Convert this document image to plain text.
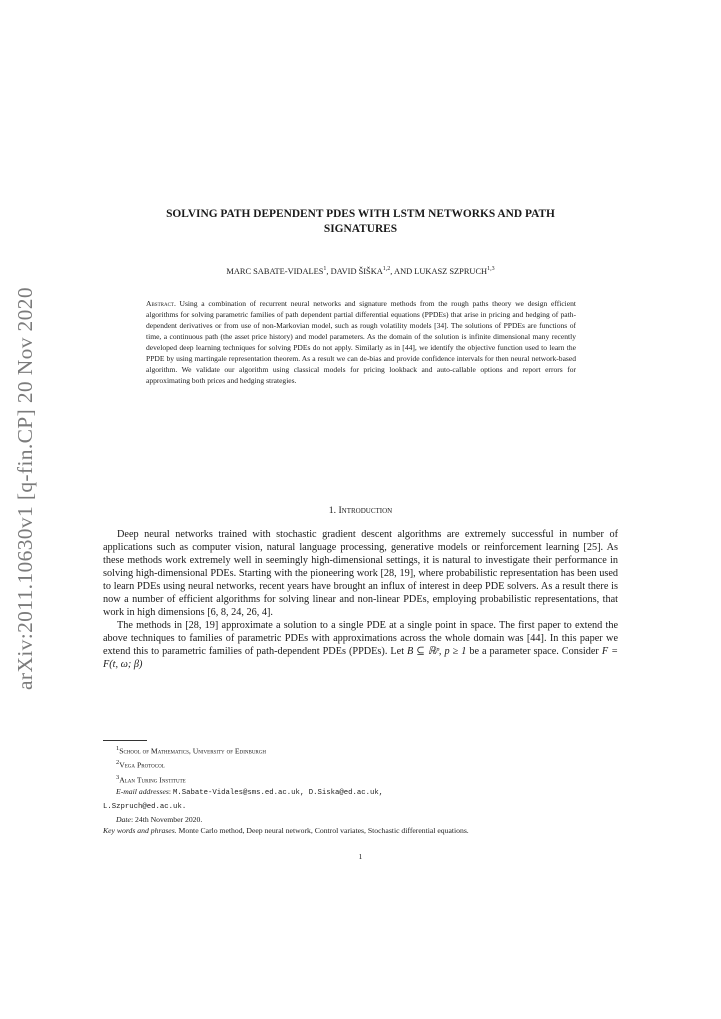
arXiv:2011.10630v1 [q-fin.CP] 20 Nov 2020
SOLVING PATH DEPENDENT PDES WITH LSTM NETWORKS AND PATH
SIGNATURES
MARC SABATE-VIDALES$^1$, DAVID ŠIŠKA$^{1,2}$, AND LUKASZ SZPRUCH$^{1,3}$
Abstract. Using a combination of recurrent neural networks and signature methods from the rough paths theory we design efficient algorithms for solving parametric families of path dependent partial differential equations (PPDEs) that arise in pricing and hedging of path-dependent derivatives or from use of non-Markovian model, such as rough volatility models [34]. The solutions of PPDEs are functions of time, a continuous path (the asset price history) and model parameters. As the domain of the solution is infinite dimensional many recently developed deep learning techniques for solving PDEs do not apply. Similarly as in [44], we identify the objective function used to learn the PPDE by using martingale representation theorem. As a result we can de-bias and provide confidence intervals for then neural network-based algorithm. We validate our algorithm using classical models for pricing lookback and auto-callable options and report errors for approximating both prices and hedging strategies.
1. Introduction

Deep neural networks trained with stochastic gradient descent algorithms are extremely successful in number of applications such as computer vision, natural language processing, generative models or reinforcement learning [25]. As these methods work extremely well in seemingly high-dimensional settings, it is natural to investigate their performance in solving high-dimensional PDEs. Starting with the pioneering work [28, 19], where probabilistic representation has been used to learn PDEs using neural networks, recent years have brought an influx of interest in deep PDE solvers. As a result there is now a number of efficient algorithms for solving linear and non-linear PDEs, employing probabilistic representations, that work in high dimensions [6, 8, 24, 26, 4].

The methods in [28, 19] approximate a solution to a single PDE at a single point in space. The first paper to extend the above techniques to families of parametric PDEs with approximations across the whole domain was [44]. In this paper we extend this to parametric families of path-dependent PDEs (PPDEs). Let B ⊆ ℝᵖ, p ≥ 1 be a parameter space. Consider F = F(t, ω; β)

$^1$School of Mathematics, University of Edinburgh
$^2$Vega Protocol
$^3$Alan Turing Institute
E-mail addresses: M.Sabate-Vidales@sms.ed.ac.uk, D.Siska@ed.ac.uk,
L.Szpruch@ed.ac.uk.
Date: 24th November 2020.
Key words and phrases. Monte Carlo method, Deep neural network, Control variates, Stochastic differential equations.
1
